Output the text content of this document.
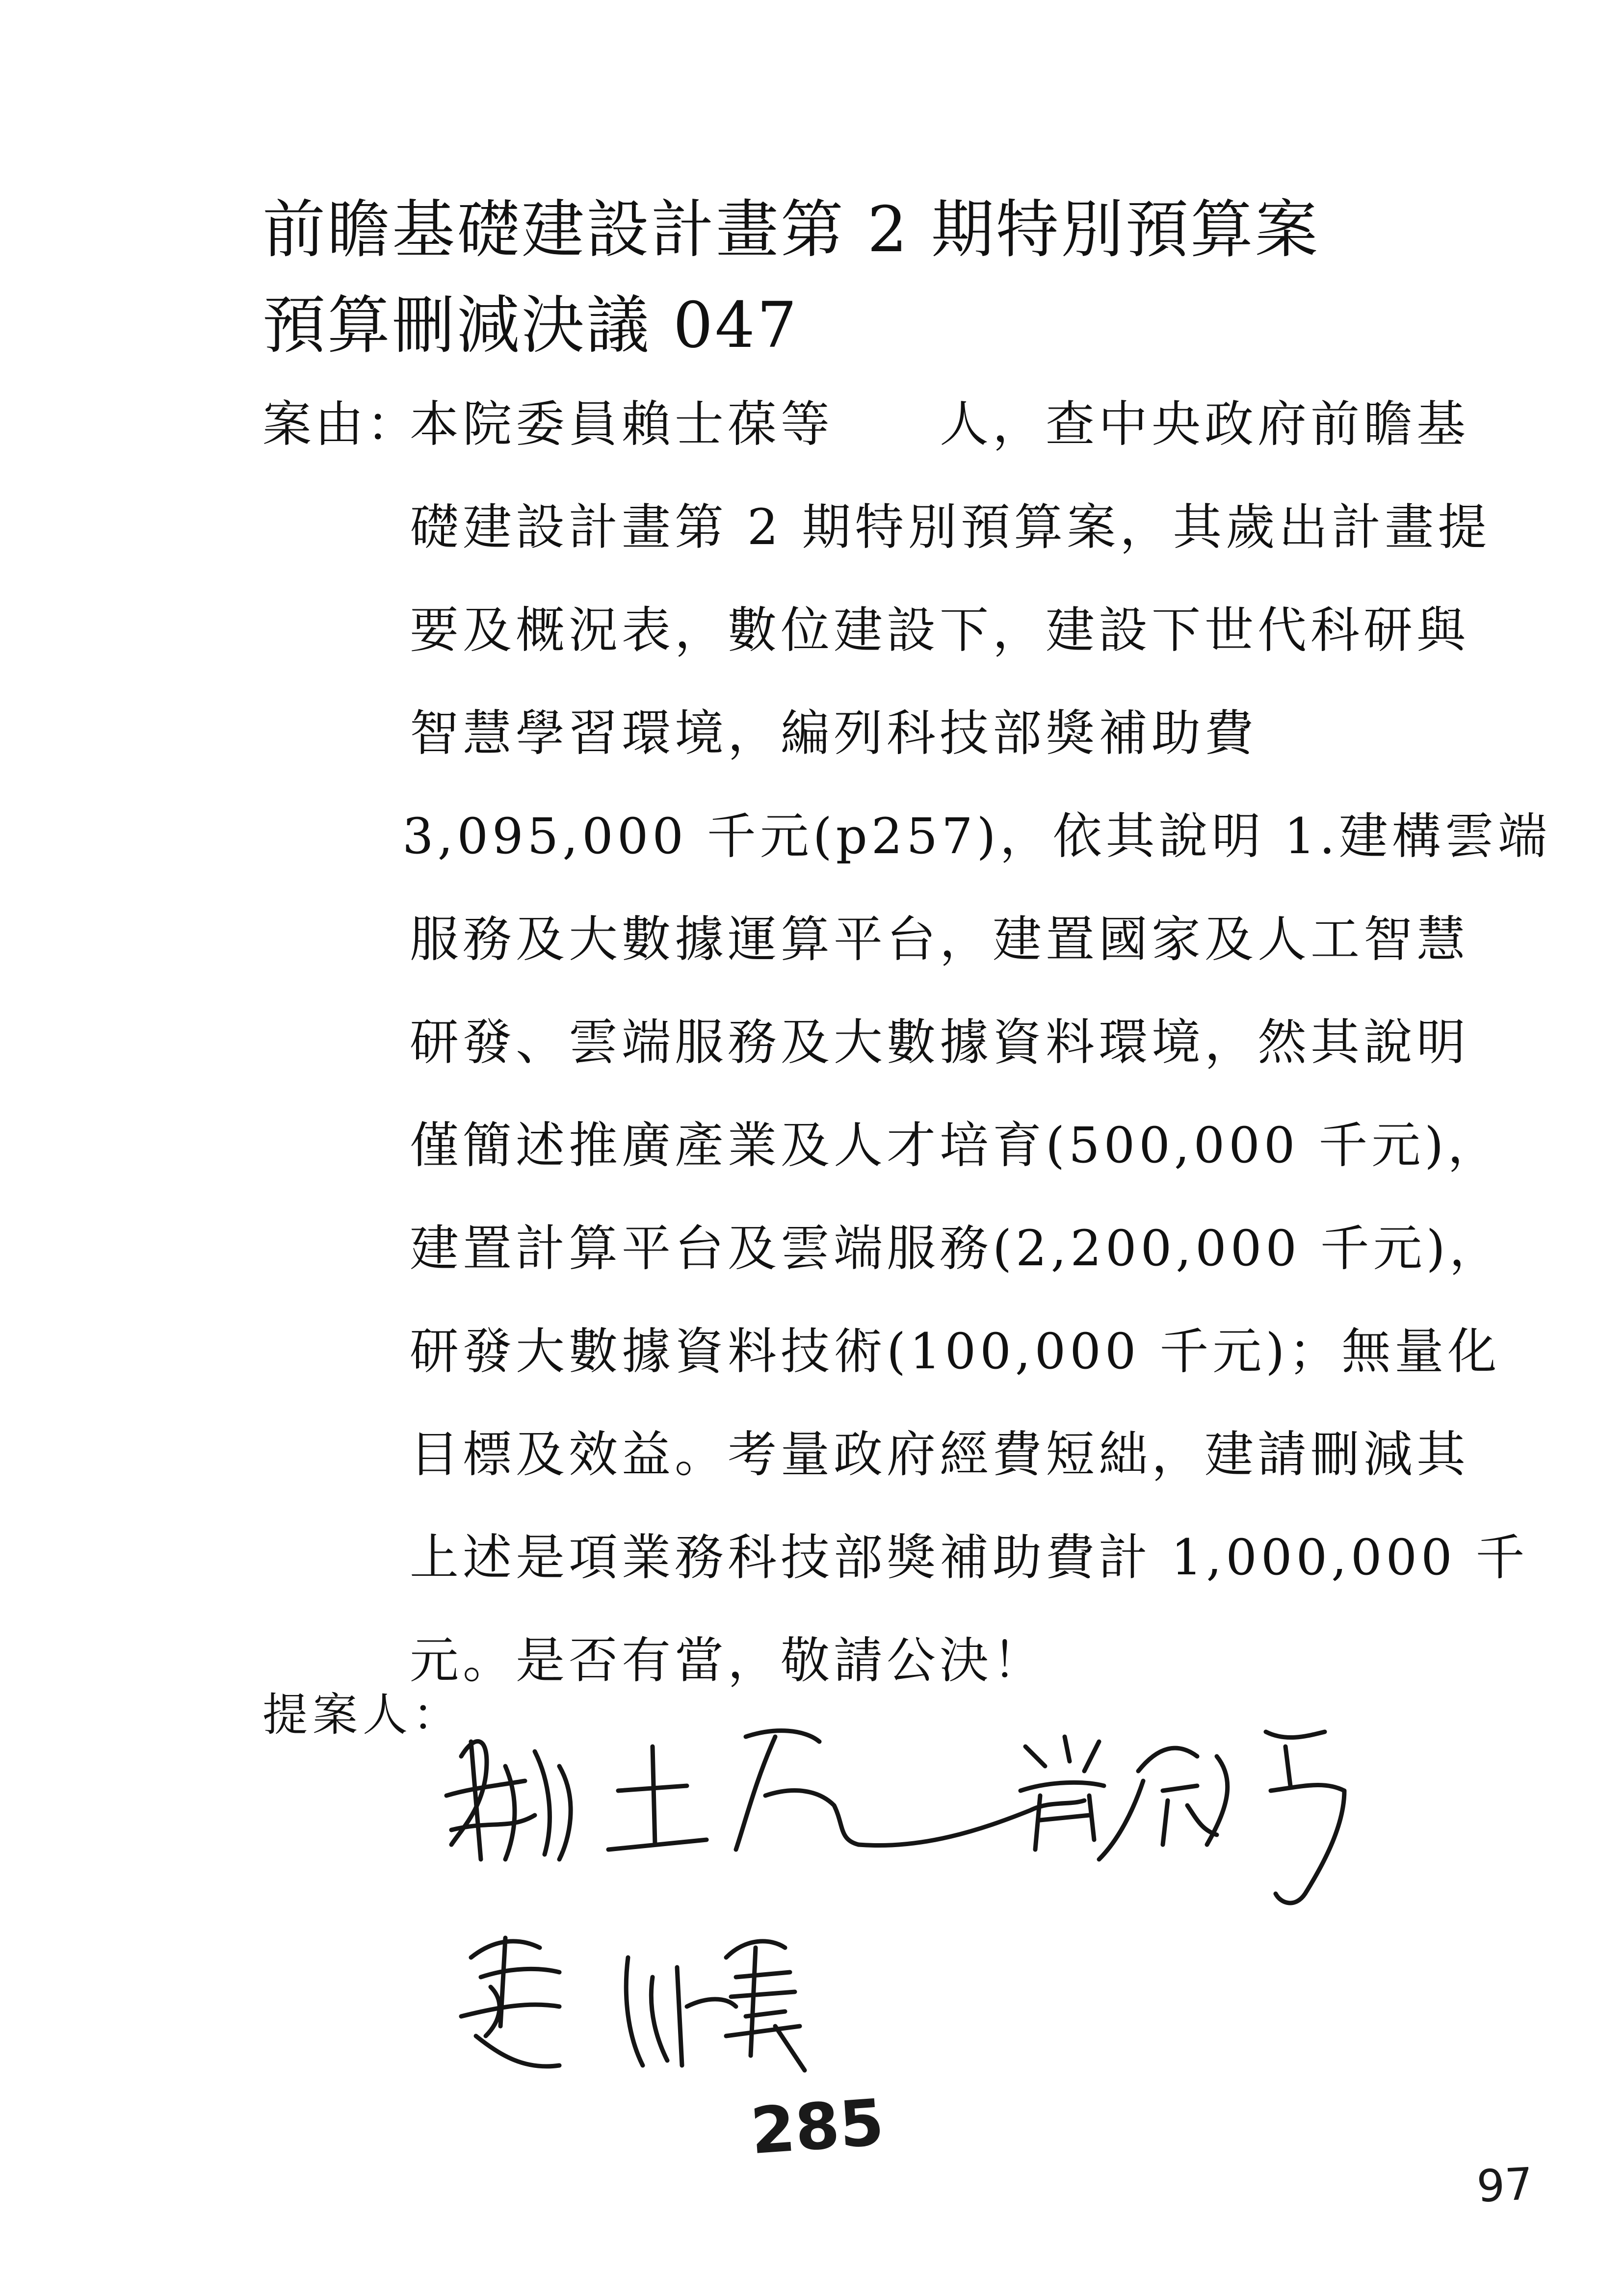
前瞻基礎建設計畫第 2 期特別預算案
預算刪減決議 047
案由：
本院委員賴士葆等　　人，查中央政府前瞻基
礎建設計畫第 2 期特別預算案，其歲出計畫提
要及概況表，數位建設下，建設下世代科研與
智慧學習環境，編列科技部獎補助費
3,095,000 千元(p257)，依其說明 1.建構雲端
服務及大數據運算平台，建置國家及人工智慧
研發、雲端服務及大數據資料環境，然其說明
僅簡述推廣產業及人才培育(500,000 千元)，
建置計算平台及雲端服務(2,200,000 千元)，
研發大數據資料技術(100,000 千元)；無量化
目標及效益。考量政府經費短絀，建請刪減其
上述是項業務科技部獎補助費計 1,000,000 千
元。是否有當，敬請公決！
提案人：
285
97
